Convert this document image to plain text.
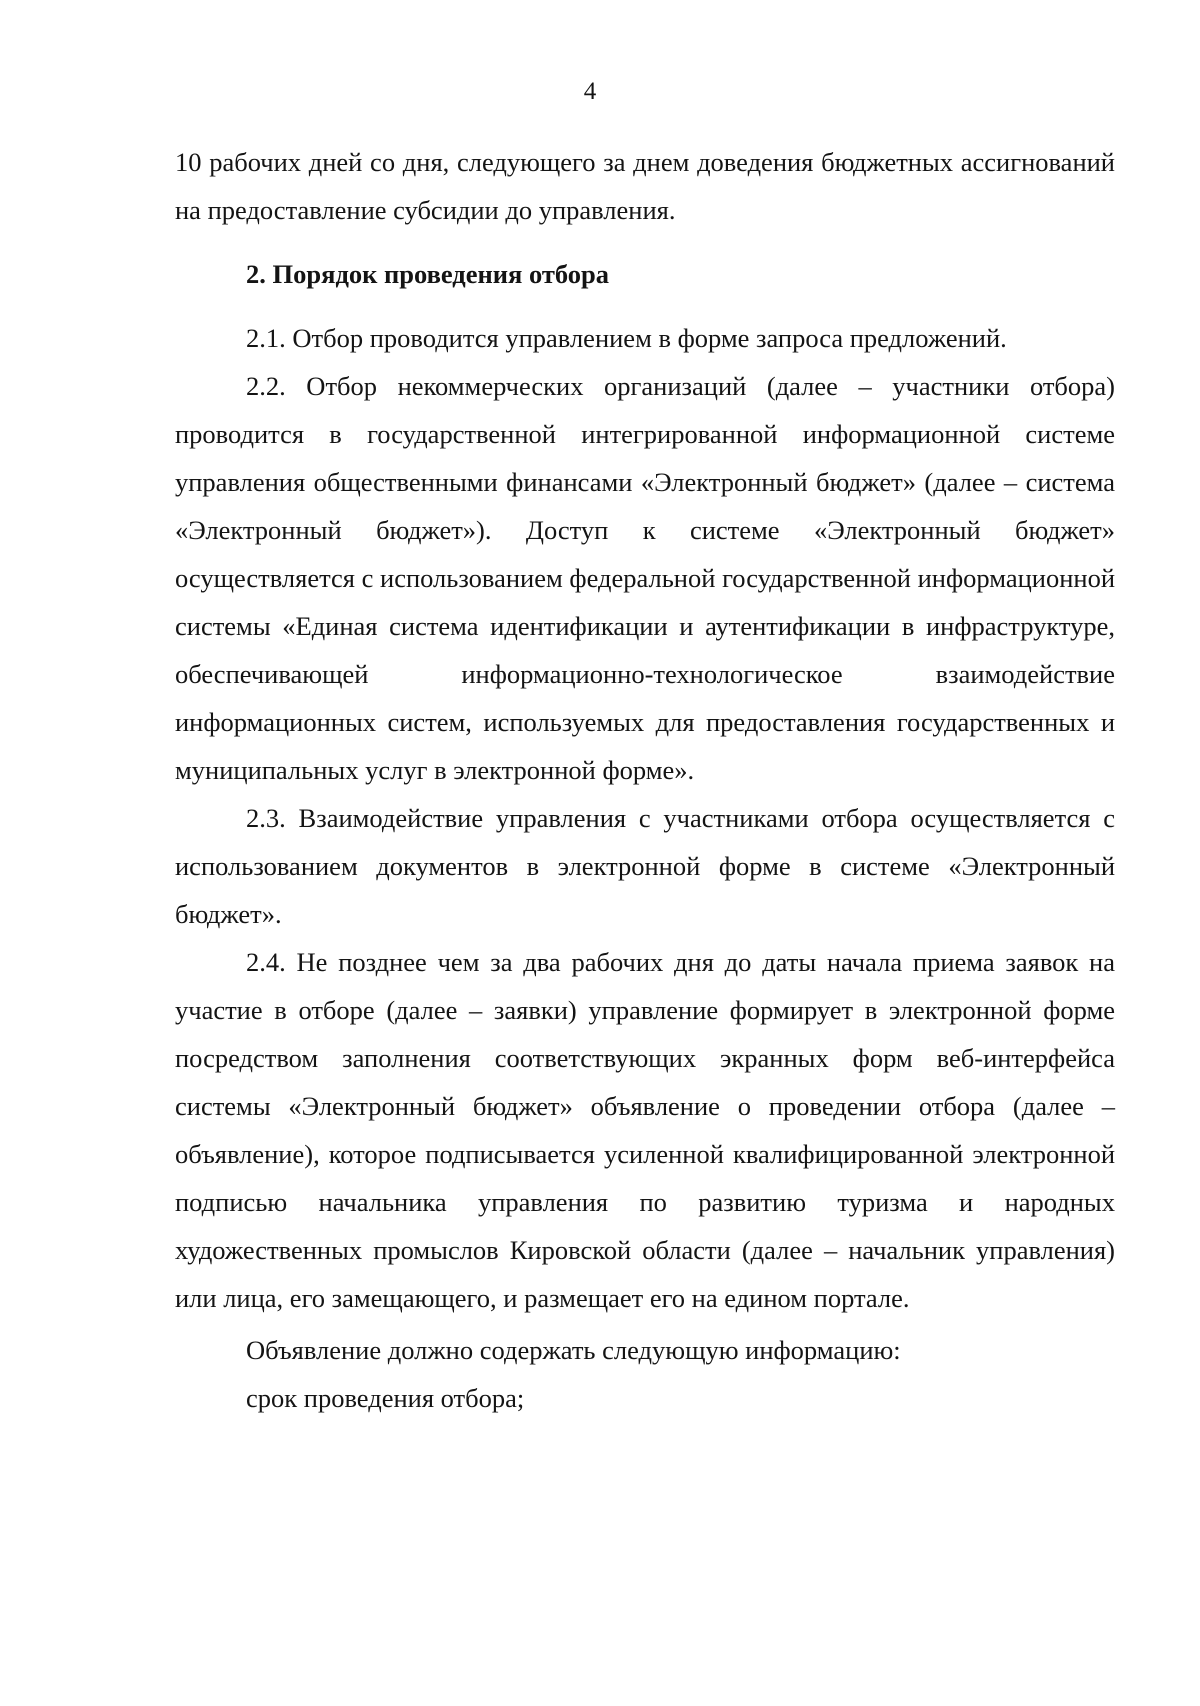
4

10 рабочих дней со дня, следующего за днем доведения бюджетных ассигнований на предоставление субсидии до управления.

2. Порядок проведения отбора

2.1. Отбор проводится управлением в форме запроса предложений.

2.2. Отбор некоммерческих организаций (далее – участники отбора) проводится в государственной интегрированной информационной системе управления общественными финансами «Электронный бюджет» (далее – система «Электронный бюджет»). Доступ к системе «Электронный бюджет» осуществляется с использованием федеральной государственной информационной системы «Единая система идентификации и аутентификации в инфраструктуре, обеспечивающей информационно-технологическое взаимодействие информационных систем, используемых для предоставления государственных и муниципальных услуг в электронной форме».

2.3. Взаимодействие управления с участниками отбора осуществляется с использованием документов в электронной форме в системе «Электронный бюджет».

2.4. Не позднее чем за два рабочих дня до даты начала приема заявок на участие в отборе (далее – заявки) управление формирует в электронной форме посредством заполнения соответствующих экранных форм веб-интерфейса системы «Электронный бюджет» объявление о проведении отбора (далее – объявление), которое подписывается усиленной квалифицированной электронной подписью начальника управления по развитию туризма и народных художественных промыслов Кировской области (далее – начальник управления) или лица, его замещающего, и размещает его на едином портале.

Объявление должно содержать следующую информацию:

срок проведения отбора;
